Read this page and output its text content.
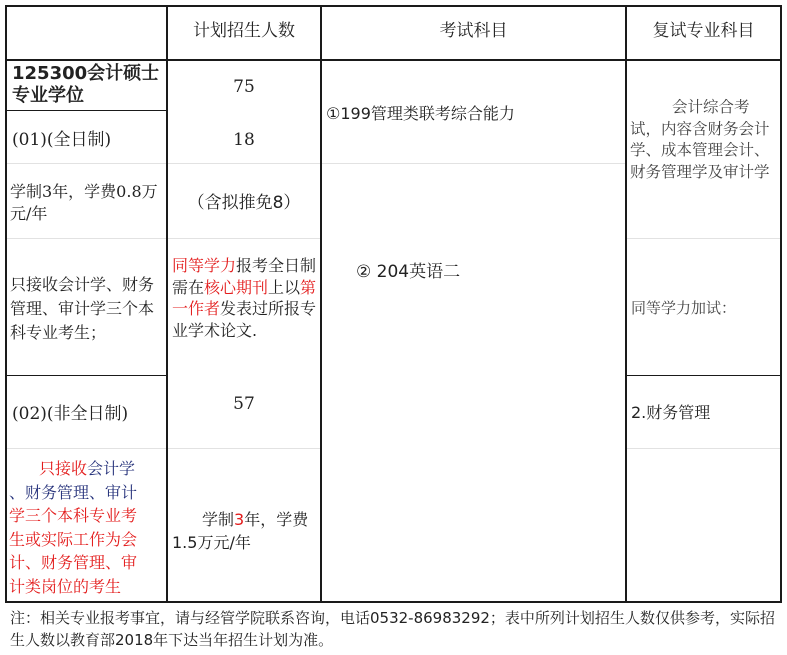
计划招生人数	考试科目	复试专业科目
125300会计硕士专业学位
(01)(全日制)
学制3年，学费0.8万元/年
只接收会计学、财务管理、审计学三个本科专业考生；
(02)(非全日制)
只接收会计学
、财务管理、审计
学三个本科专业考
生或实际工作为会
计、财务管理、审
计类岗位的考生
75
18
（含拟推免8）
同等学力报考全日制需在核心期刊上以第一作者发表过所报专业学术论文.
57
学制3年，学费1.5万元/年
①199管理类联考综合能力
② 204英语二
会计综合考试，内容含财务会计学、成本管理会计、财务管理学及审计学
同等学力加试：
2.财务管理
注：相关专业报考事宜，请与经管学院联系咨询，电话0532-86983292；表中所列计划招生人数仅供参考，实际招生人数以教育部2018年下达当年招生计划为准。
